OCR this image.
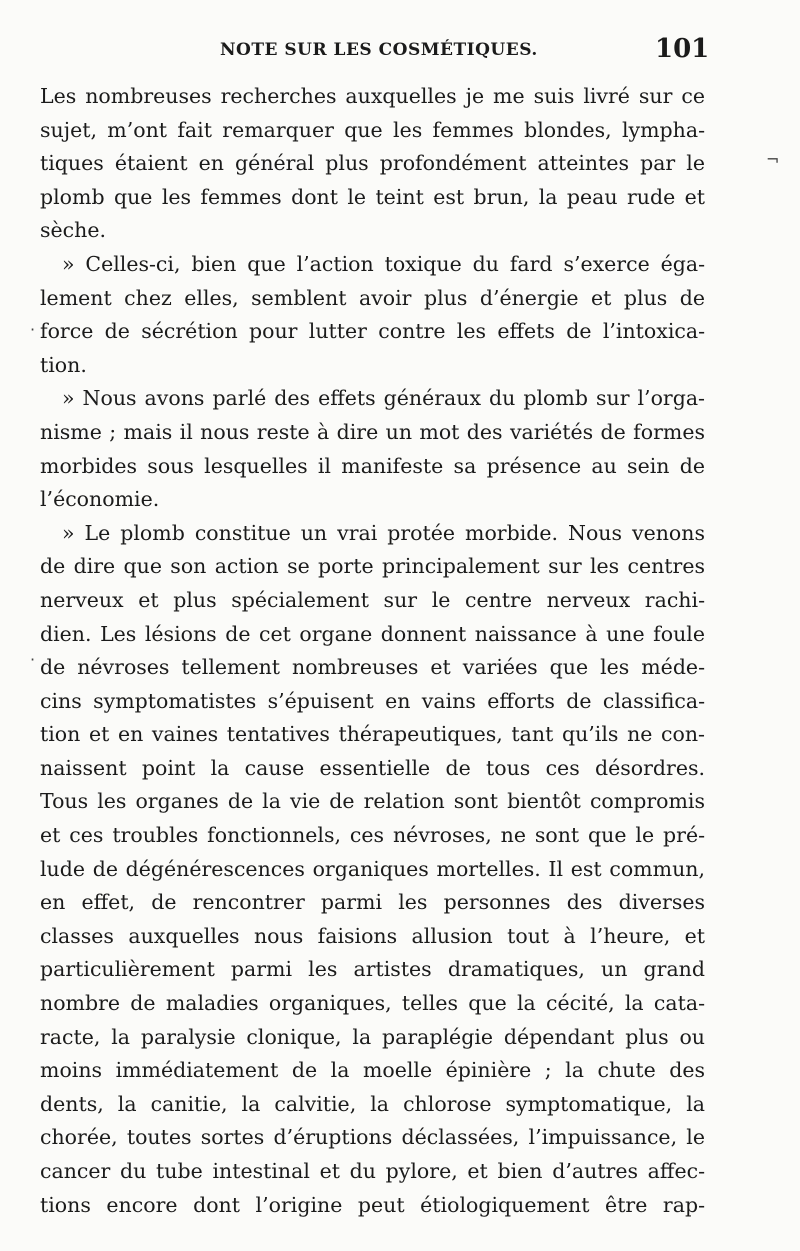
NOTE SUR LES COSMÉTIQUES.	101
Les nombreuses recherches auxquelles je me suis livré sur ce
sujet, m’ont fait remarquer que les femmes blondes, lympha-
tiques étaient en général plus profondément atteintes par le
plomb que les femmes dont le teint est brun, la peau rude et
sèche.
» Celles-ci, bien que l’action toxique du fard s’exerce éga-
lement chez elles, semblent avoir plus d’énergie et plus de
force de sécrétion pour lutter contre les effets de l’intoxica-
tion.
» Nous avons parlé des effets généraux du plomb sur l’orga-
nisme ; mais il nous reste à dire un mot des variétés de formes
morbides sous lesquelles il manifeste sa présence au sein de
l’économie.
» Le plomb constitue un vrai protée morbide. Nous venons
de dire que son action se porte principalement sur les centres
nerveux et plus spécialement sur le centre nerveux rachi-
dien. Les lésions de cet organe donnent naissance à une foule
de névroses tellement nombreuses et variées que les méde-
cins symptomatistes s’épuisent en vains efforts de classifica-
tion et en vaines tentatives thérapeutiques, tant qu’ils ne con-
naissent point la cause essentielle de tous ces désordres.
Tous les organes de la vie de relation sont bientôt compromis
et ces troubles fonctionnels, ces névroses, ne sont que le pré-
lude de dégénérescences organiques mortelles. Il est commun,
en effet, de rencontrer parmi les personnes des diverses
classes auxquelles nous faisions allusion tout à l’heure, et
particulièrement parmi les artistes dramatiques, un grand
nombre de maladies organiques, telles que la cécité, la cata-
racte, la paralysie clonique, la paraplégie dépendant plus ou
moins immédiatement de la moelle épinière ; la chute des
dents, la canitie, la calvitie, la chlorose symptomatique, la
chorée, toutes sortes d’éruptions déclassées, l’impuissance, le
cancer du tube intestinal et du pylore, et bien d’autres affec-
tions encore dont l’origine peut étiologiquement être rap-
¬
·
·
